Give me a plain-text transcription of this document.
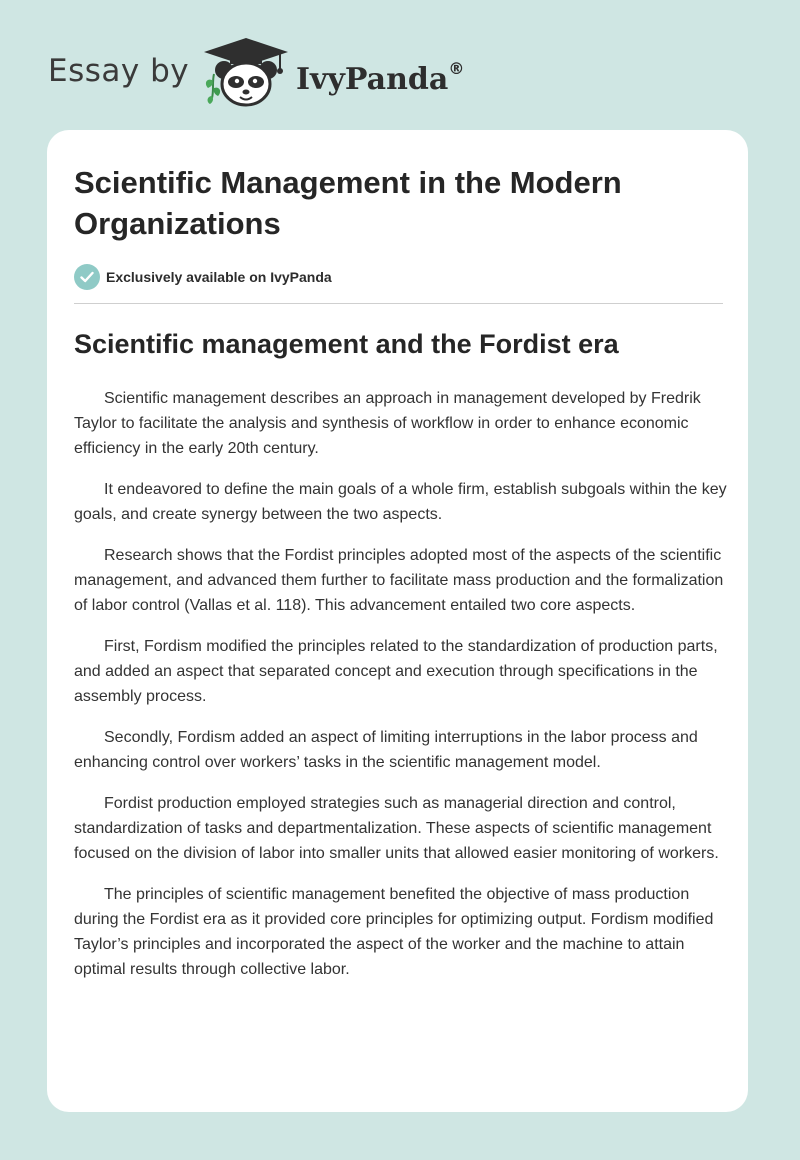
Essay by	IvyPanda®
Scientific Management in the Modern Organizations
Exclusively available on IvyPanda
Scientific management and the Fordist era

Scientific management describes an approach in management developed by Fredrik Taylor to facilitate the analysis and synthesis of workflow in order to enhance economic efficiency in the early 20th century.

It endeavored to define the main goals of a whole firm, establish subgoals within the key goals, and create synergy between the two aspects.

Research shows that the Fordist principles adopted most of the aspects of the scientific management, and advanced them further to facilitate mass production and the formalization of labor control (Vallas et al. 118). This advancement entailed two core aspects.

First, Fordism modified the principles related to the standardization of production parts, and added an aspect that separated concept and execution through specifications in the assembly process.

Secondly, Fordism added an aspect of limiting interruptions in the labor process and enhancing control over workers’ tasks in the scientific management model.

Fordist production employed strategies such as managerial direction and control, standardization of tasks and departmentalization. These aspects of scientific management focused on the division of labor into smaller units that allowed easier monitoring of workers.

The principles of scientific management benefited the objective of mass production during the Fordist era as it provided core principles for optimizing output. Fordism modified Taylor’s principles and incorporated the aspect of the worker and the machine to attain optimal results through collective labor.
